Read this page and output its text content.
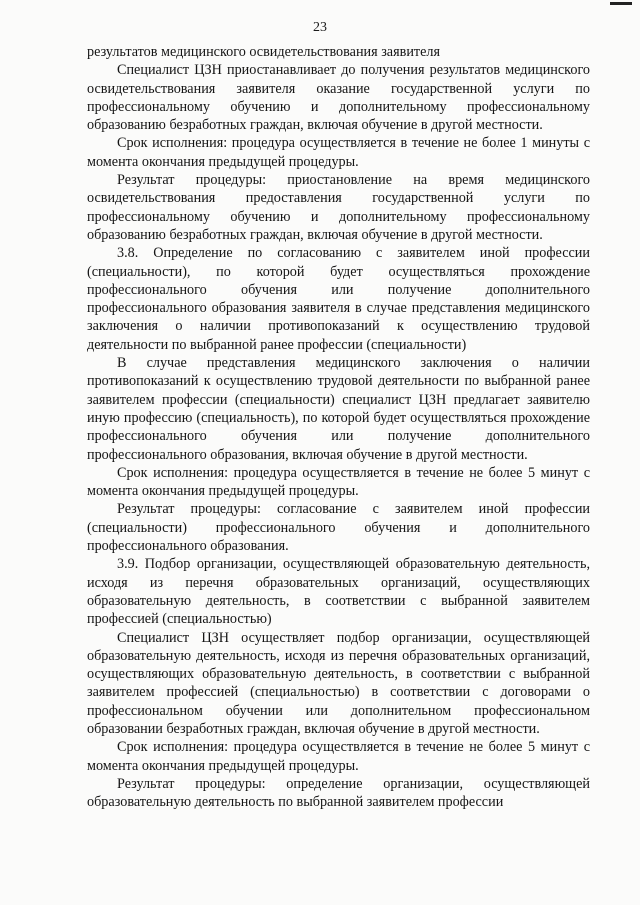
23

результатов медицинского освидетельствования заявителя

Специалист ЦЗН приостанавливает до получения результатов медицинского освидетельствования заявителя оказание государственной услуги по профессиональному обучению и дополнительному профессиональному образованию безработных граждан, включая обучение в другой местности.

Срок исполнения: процедура осуществляется в течение не более 1 минуты с момента окончания предыдущей процедуры.

Результат процедуры: приостановление на время медицинского освидетельствования предоставления государственной услуги по профессиональному обучению и дополнительному профессиональному образованию безработных граждан, включая обучение в другой местности.

3.8. Определение по согласованию с заявителем иной профессии (специальности), по которой будет осуществляться прохождение профессионального обучения или получение дополнительного профессионального образования заявителя в случае представления медицинского заключения о наличии противопоказаний к осуществлению трудовой деятельности по выбранной ранее профессии (специальности)

В случае представления медицинского заключения о наличии противопоказаний к осуществлению трудовой деятельности по выбранной ранее заявителем профессии (специальности) специалист ЦЗН предлагает заявителю иную профессию (специальность), по которой будет осуществляться прохождение профессионального обучения или получение дополнительного профессионального образования, включая обучение в другой местности.

Срок исполнения: процедура осуществляется в течение не более 5 минут с момента окончания предыдущей процедуры.

Результат процедуры: согласование с заявителем иной профессии (специальности) профессионального обучения и дополнительного профессионального образования.

3.9. Подбор организации, осуществляющей образовательную деятельность, исходя из перечня образовательных организаций, осуществляющих образовательную деятельность, в соответствии с выбранной заявителем профессией (специальностью)

Специалист ЦЗН осуществляет подбор организации, осуществляющей образовательную деятельность, исходя из перечня образовательных организаций, осуществляющих образовательную деятельность, в соответствии с выбранной заявителем профессией (специальностью) в соответствии с договорами о профессиональном обучении или дополнительном профессиональном образовании безработных граждан, включая обучение в другой местности.

Срок исполнения: процедура осуществляется в течение не более 5 минут с момента окончания предыдущей процедуры.

Результат процедуры: определение организации, осуществляющей образовательную деятельность по выбранной заявителем профессии
